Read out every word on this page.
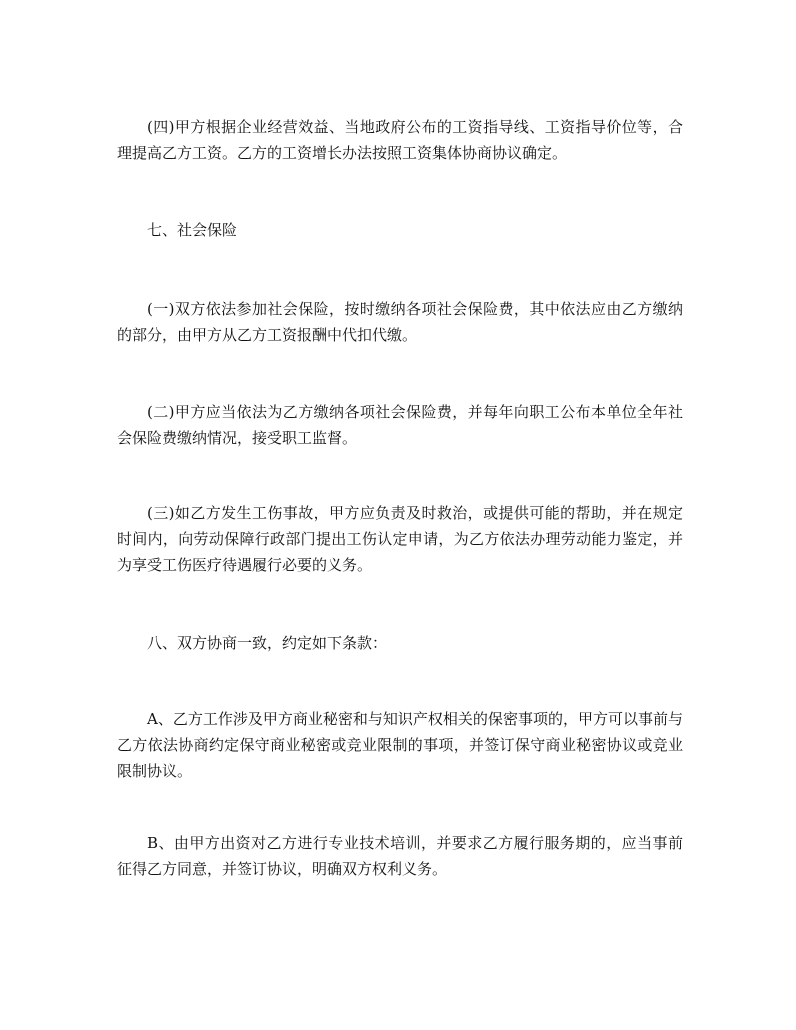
(四)甲方根据企业经营效益、当地政府公布的工资指导线、工资指导价位等，合理提高乙方工资。乙方的工资增长办法按照工资集体协商协议确定。

七、社会保险

(一)双方依法参加社会保险，按时缴纳各项社会保险费，其中依法应由乙方缴纳的部分，由甲方从乙方工资报酬中代扣代缴。

(二)甲方应当依法为乙方缴纳各项社会保险费，并每年向职工公布本单位全年社会保险费缴纳情况，接受职工监督。

(三)如乙方发生工伤事故，甲方应负责及时救治，或提供可能的帮助，并在规定时间内，向劳动保障行政部门提出工伤认定申请，为乙方依法办理劳动能力鉴定，并为享受工伤医疗待遇履行必要的义务。

八、双方协商一致，约定如下条款：

A、乙方工作涉及甲方商业秘密和与知识产权相关的保密事项的，甲方可以事前与乙方依法协商约定保守商业秘密或竞业限制的事项，并签订保守商业秘密协议或竞业限制协议。

B、由甲方出资对乙方进行专业技术培训，并要求乙方履行服务期的，应当事前征得乙方同意，并签订协议，明确双方权利义务。
